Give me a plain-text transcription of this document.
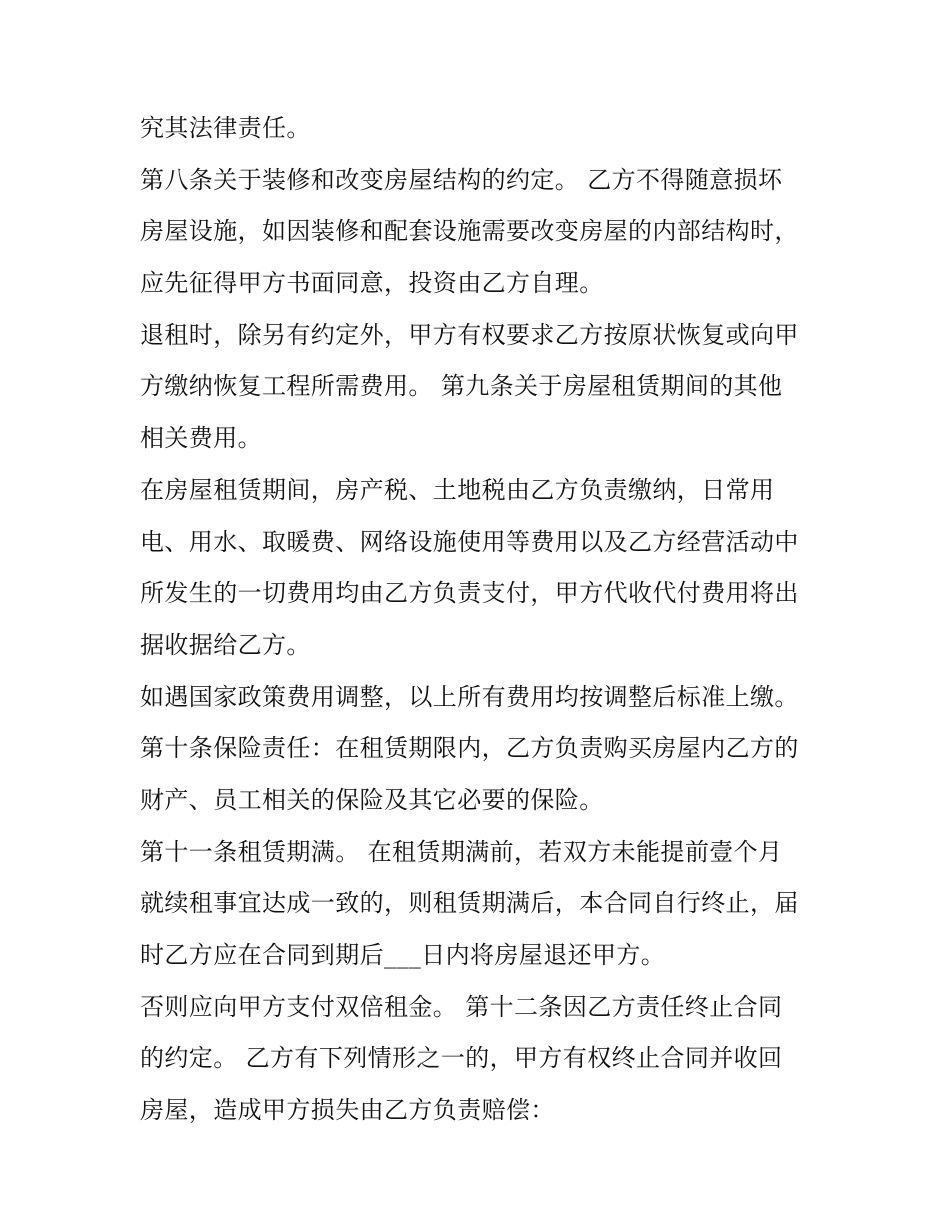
究其法律责任。
第八条关于装修和改变房屋结构的约定。 乙方不得随意损坏
房屋设施，如因装修和配套设施需要改变房屋的内部结构时，
应先征得甲方书面同意，投资由乙方自理。
退租时，除另有约定外，甲方有权要求乙方按原状恢复或向甲
方缴纳恢复工程所需费用。 第九条关于房屋租赁期间的其他
相关费用。
在房屋租赁期间，房产税、土地税由乙方负责缴纳，日常用
电、用水、取暖费、网络设施使用等费用以及乙方经营活动中
所发生的一切费用均由乙方负责支付，甲方代收代付费用将出
据收据给乙方。
如遇国家政策费用调整，以上所有费用均按调整后标准上缴。
第十条保险责任：在租赁期限内，乙方负责购买房屋内乙方的
财产、员工相关的保险及其它必要的保险。
第十一条租赁期满。 在租赁期满前，若双方未能提前壹个月
就续租事宜达成一致的，则租赁期满后，本合同自行终止，届
时乙方应在合同到期后___日内将房屋退还甲方。
否则应向甲方支付双倍租金。 第十二条因乙方责任终止合同
的约定。 乙方有下列情形之一的，甲方有权终止合同并收回
房屋，造成甲方损失由乙方负责赔偿：
